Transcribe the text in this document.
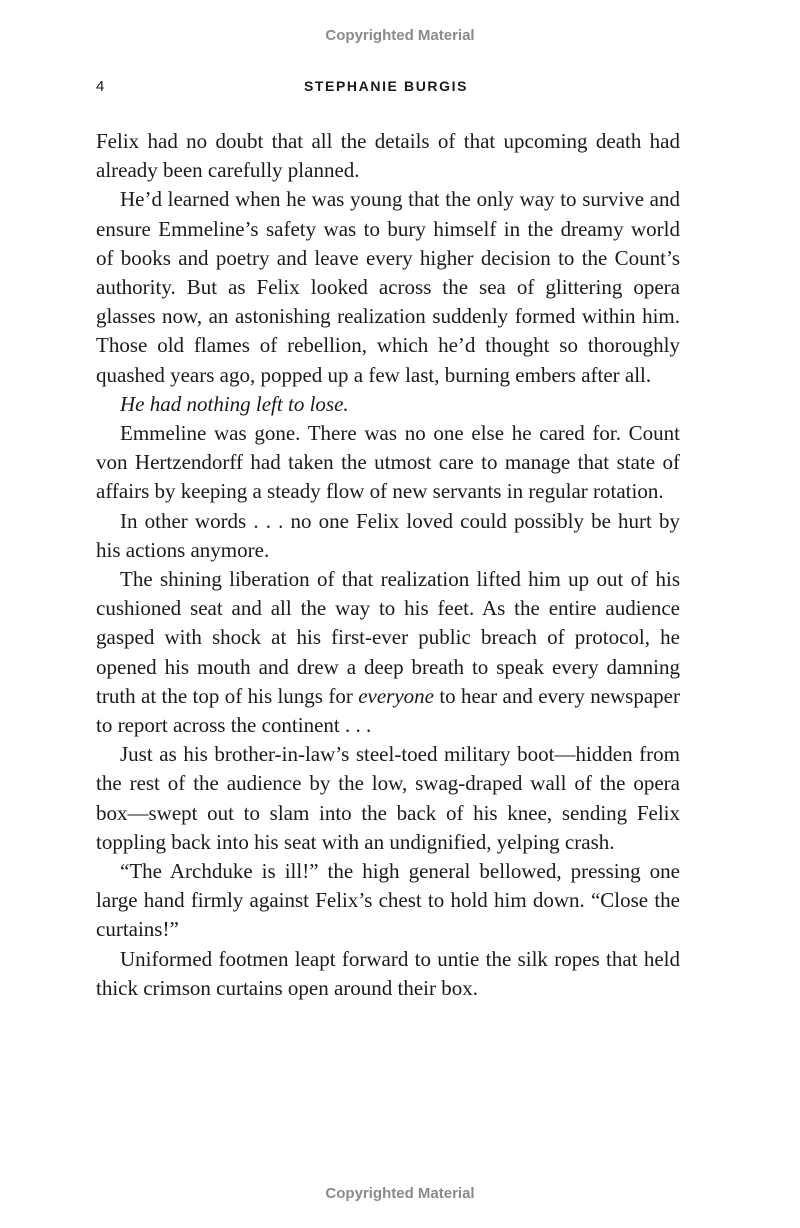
Copyrighted Material
4	STEPHANIE BURGIS

Felix had no doubt that all the details of that upcoming death had already been carefully planned.

He’d learned when he was young that the only way to survive and ensure Emmeline’s safety was to bury himself in the dreamy world of books and poetry and leave every higher decision to the Count’s authority. But as Felix looked across the sea of glittering opera glasses now, an astonishing realization suddenly formed within him. Those old flames of rebellion, which he’d thought so thoroughly quashed years ago, popped up a few last, burning embers after all.

He had nothing left to lose.

Emmeline was gone. There was no one else he cared for. Count von Hertzendorff had taken the utmost care to manage that state of affairs by keeping a steady flow of new servants in regular rotation.

In other words . . . no one Felix loved could possibly be hurt by his actions anymore.

The shining liberation of that realization lifted him up out of his cushioned seat and all the way to his feet. As the entire audience gasped with shock at his first-ever public breach of protocol, he opened his mouth and drew a deep breath to speak every damning truth at the top of his lungs for everyone to hear and every newspaper to report across the continent . . .

Just as his brother-in-law’s steel-toed military boot—hidden from the rest of the audience by the low, swag-draped wall of the opera box—swept out to slam into the back of his knee, sending Felix toppling back into his seat with an undignified, yelping crash.

“The Archduke is ill!” the high general bellowed, pressing one large hand firmly against Felix’s chest to hold him down. “Close the curtains!”

Uniformed footmen leapt forward to untie the silk ropes that held thick crimson curtains open around their box.

Copyrighted Material
